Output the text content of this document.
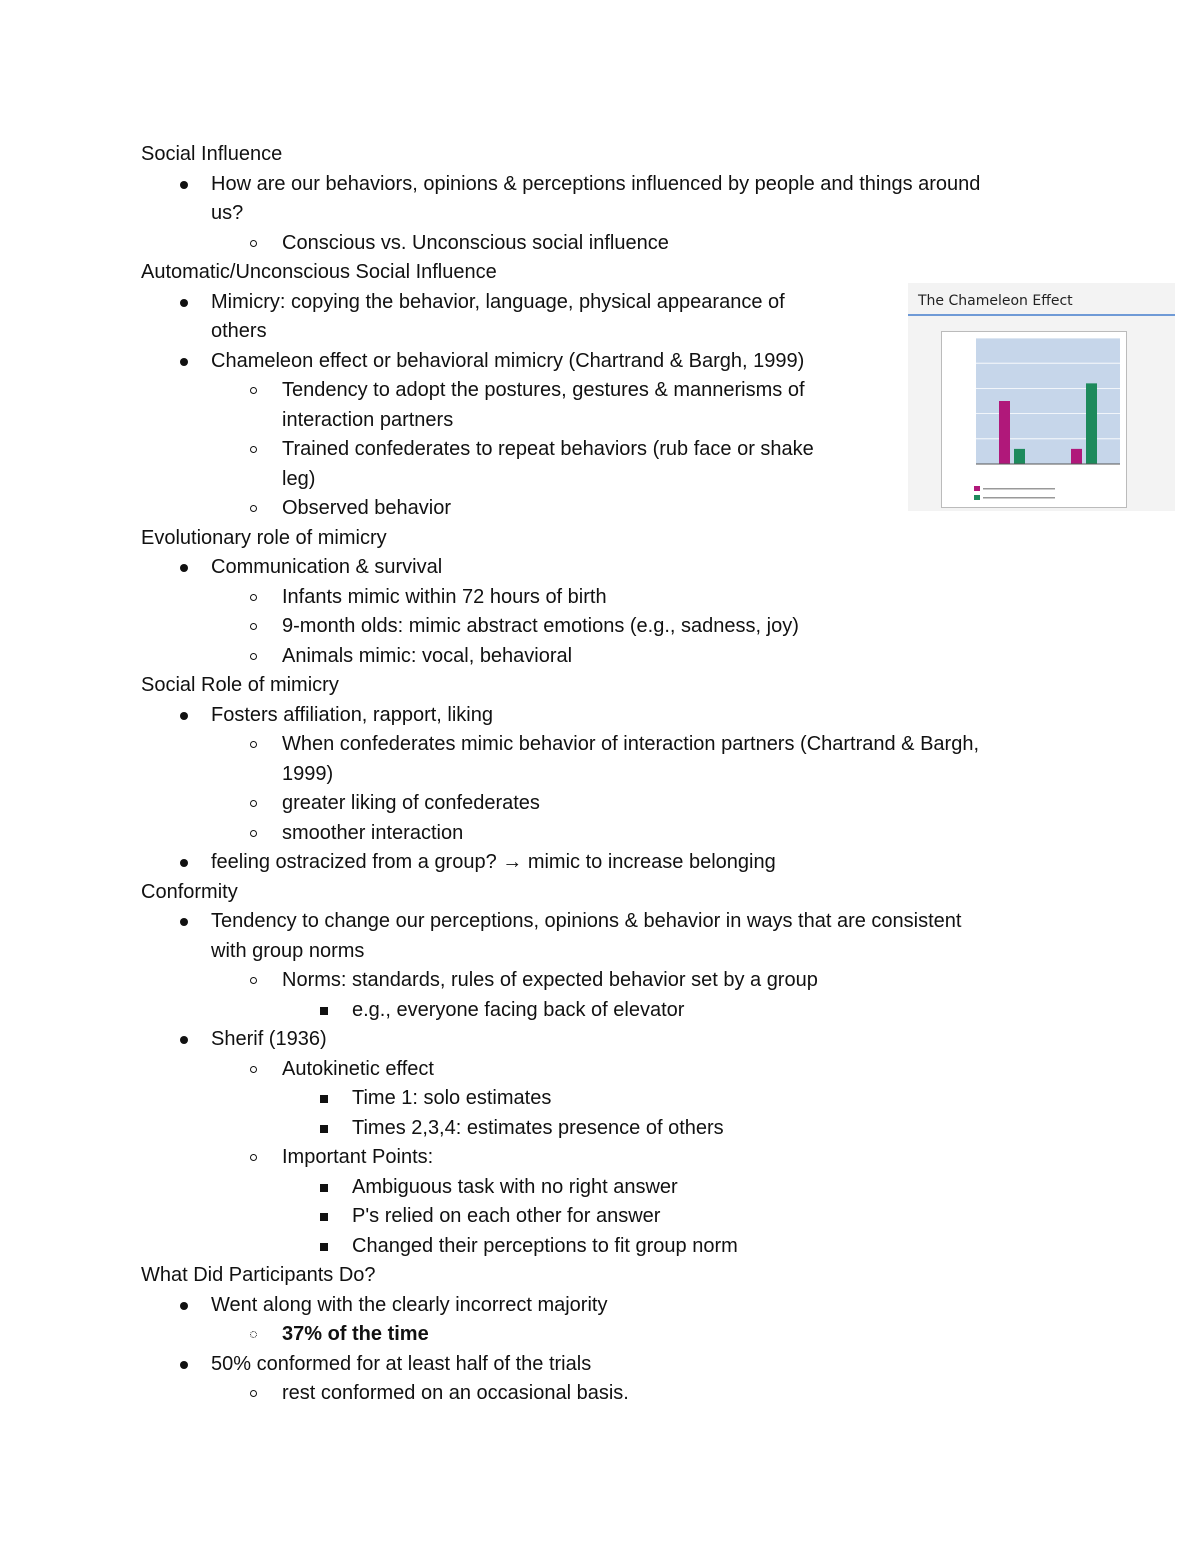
Social Influence
How are our behaviors, opinions & perceptions influenced by people and things around
us?
Conscious vs. Unconscious social influence
Automatic/Unconscious Social Influence
Mimicry: copying the behavior, language, physical appearance of
others
Chameleon effect or behavioral mimicry (Chartrand & Bargh, 1999)
Tendency to adopt the postures, gestures & mannerisms of
interaction partners
Trained confederates to repeat behaviors (rub face or shake
leg)
Observed behavior
Evolutionary role of mimicry
Communication & survival
Infants mimic within 72 hours of birth
9-month olds: mimic abstract emotions (e.g., sadness, joy)
Animals mimic: vocal, behavioral
Social Role of mimicry
Fosters affiliation, rapport, liking
When confederates mimic behavior of interaction partners (Chartrand & Bargh,
1999)
greater liking of confederates
smoother interaction
feeling ostracized from a group? → mimic to increase belonging
Conformity
Tendency to change our perceptions, opinions & behavior in ways that are consistent
with group norms
Norms: standards, rules of expected behavior set by a group
e.g., everyone facing back of elevator
Sherif (1936)
Autokinetic effect
Time 1: solo estimates
Times 2,3,4: estimates presence of others
Important Points:
Ambiguous task with no right answer
P's relied on each other for answer
Changed their perceptions to fit group norm
What Did Participants Do?
Went along with the clearly incorrect majority
37% of the time
50% conformed for at least half of the trials
rest conformed on an occasional basis.
The Chameleon Effect
